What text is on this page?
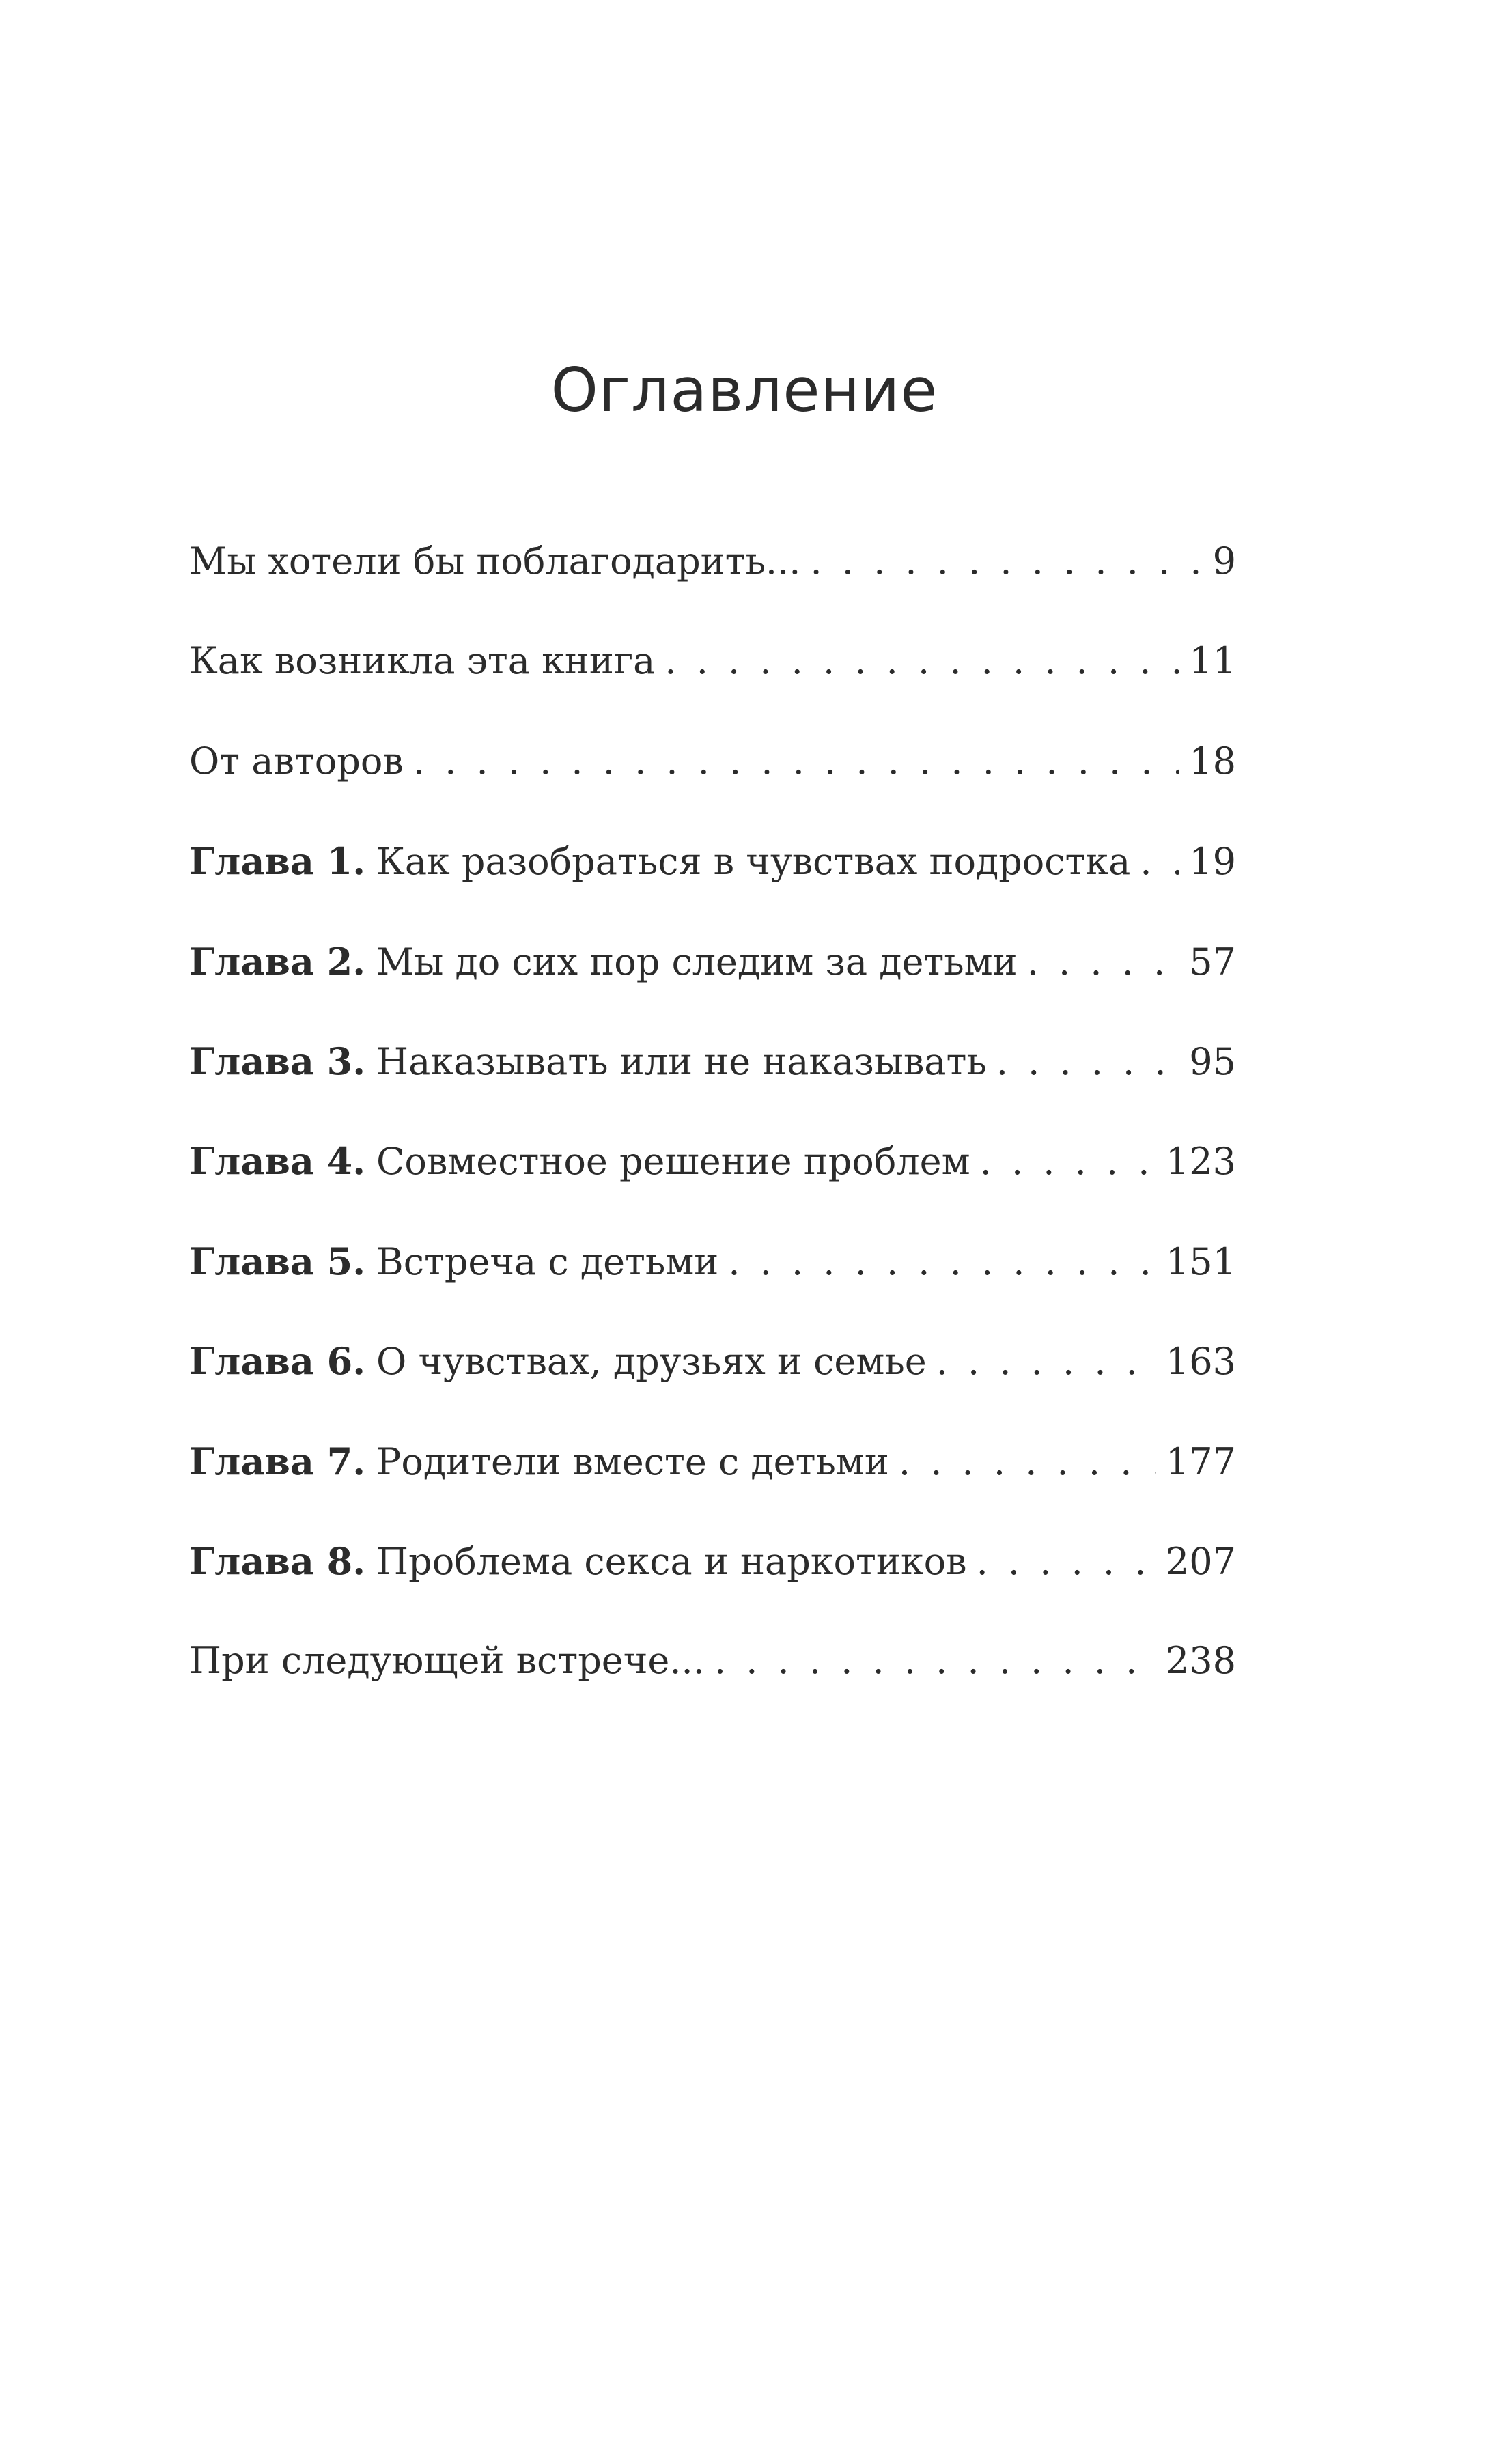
Оглавление
Мы хотели бы поблагодарить... . . .	9
Как возникла эта книга . . .	11
От авторов . . .	18
Глава 1. Как разобраться в чувствах подростка . . . 19
Глава 2. Мы до сих пор следим за детьми . . .	57
Глава 3. Наказывать или не наказывать . . .	95
Глава 4. Совместное решение проблем . . .	123
Глава 5. Встреча с детьми . . .	151
Глава 6. О чувствах, друзьях и семье . . .	163
Глава 7. Родители вместе с детьми . . .	177
Глава 8. Проблема секса и наркотиков . . .	207
При следующей встрече... . . .	238
